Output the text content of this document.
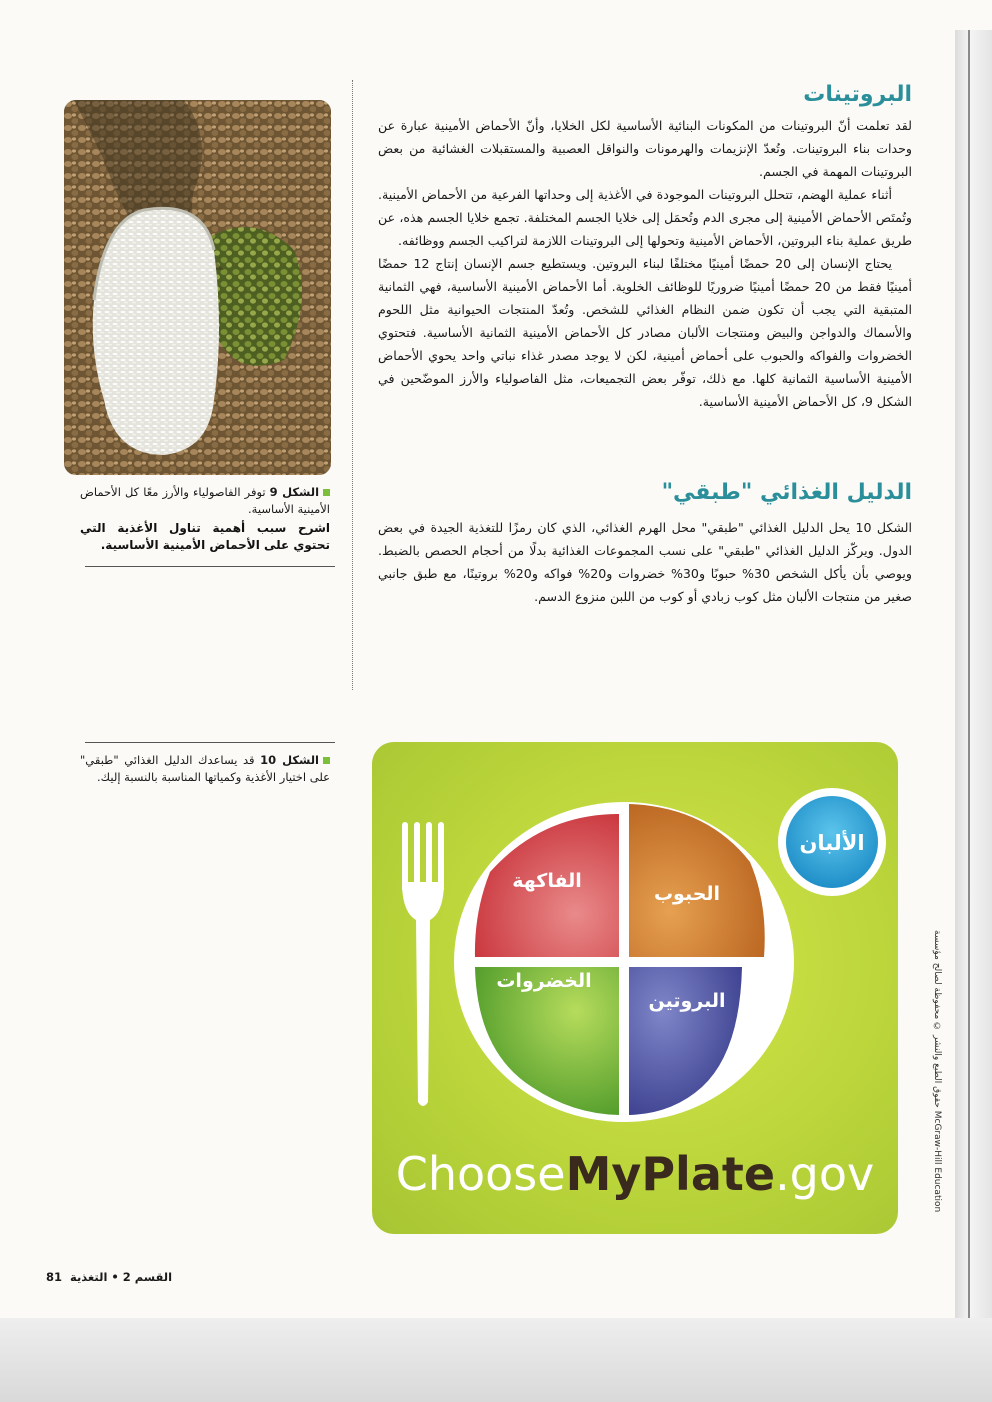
حقوق الطبع والنشر © محفوظة لصالح مؤسسة McGraw-Hill Education
البروتينات

لقد تعلمت أنّ البروتينات من المكونات البنائية الأساسية لكل الخلايا، وأنّ الأحماض الأمينية عبارة عن وحدات بناء البروتينات. وتُعدّ الإنزيمات والهرمونات والنواقل العصبية والمستقبلات الغشائية من بعض البروتينات المهمة في الجسم.

أثناء عملية الهضم، تتحلل البروتينات الموجودة في الأغذية إلى وحداتها الفرعية من الأحماض الأمينية. وتُمتَص الأحماض الأمينية إلى مجرى الدم وتُحمَل إلى خلايا الجسم المختلفة. تجمع خلايا الجسم هذه، عن طريق عملية بناء البروتين، الأحماض الأمينية وتحولها إلى البروتينات اللازمة لتراكيب الجسم ووظائفه.

يحتاج الإنسان إلى 20 حمضًا أمينيًا مختلفًا لبناء البروتين. ويستطيع جسم الإنسان إنتاج 12 حمضًا أمينيًا فقط من 20 حمضًا أمينيًا ضروريًا للوظائف الخلوية. أما الأحماض الأمينية الأساسية، فهي الثمانية المتبقية التي يجب أن تكون ضمن النظام الغذائي للشخص. وتُعدّ المنتجات الحيوانية مثل اللحوم والأسماك والدواجن والبيض ومنتجات الألبان مصادر كل الأحماض الأمينية الثمانية الأساسية. فتحتوي الخضروات والفواكه والحبوب على أحماض أمينية، لكن لا يوجد مصدر غذاء نباتي واحد يحوي الأحماض الأمينية الأساسية الثمانية كلها. مع ذلك، توفّر بعض التجميعات، مثل الفاصولياء والأرز الموضّحين في الشكل 9، كل الأحماض الأمينية الأساسية.

الدليل الغذائي "طبقي"

الشكل 10 يحل الدليل الغذائي "طبقي" محل الهرم الغذائي، الذي كان رمزًا للتغذية الجيدة في بعض الدول. ويركّز الدليل الغذائي "طبقي" على نسب المجموعات الغذائية بدلًا من أحجام الحصص بالضبط. ويوصي بأن يأكل الشخص 30% حبوبًا و30% خضروات و20% فواكه و20% بروتينًا، مع طبق جانبي صغير من منتجات الألبان مثل كوب زبادي أو كوب من اللبن منزوع الدسم.

الشكل 9 توفر الفاصولياء والأرز معًا كل الأحماض الأمينية الأساسية.
اشرح سبب أهمية تناول الأغذية التي تحتوي على الأحماض الأمينية الأساسية.
الشكل 10 قد يساعدك الدليل الغذائي "طبقي" على اختيار الأغذية وكمياتها المناسبة بالنسبة إليك.
الفاكهة
الحبوب
الخضروات
البروتين
الألبان
ChooseMyPlate.gov
القسم 2 • التغذية
81
